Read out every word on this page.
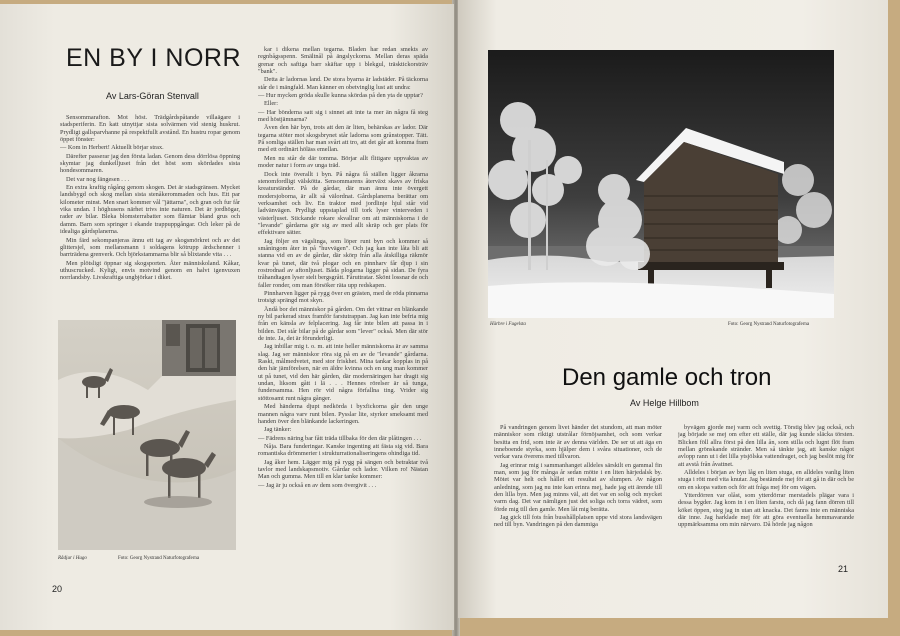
EN BY I NORR
Av Lars-Göran Stenvall

Sensommarafton. Mot höst. Trädgårdspåtande villaägare i stadsperiferin. En katt utnyttjar sista solvärmen vid stenig huskrut. Prydligt gallsparvhanne på respektfullt avstånd. En hustru ropar genom öppet fönster:

— Kom in Herbert! Aktuellt börjar strax.

Därefter passerar jag den första ladan. Genom dess dörrlösa öppning skymtar jag dunkelljuset från det höst som skördades sista hondesommaren.

Det var nog fängesen . . .

En extra kraftig rågång genom skogen. Det är stadsgränsen. Mycket landsbygd och skog mellan sista stenåkerommaden och hus. Ett par kilometer minst. Men snart kommer vål "jättarna", och gran och fur får vika undan. I höghusens närhet trivs inte naturen. Det är jordhögar, rader av bilar. Bleka blomsterrabatter som flämtar bland grus och damm. Barn som springer i ekande trappuppgångar. Och leker på de idealiga gårdsplanerna.

Min färd sekompanjeras ännu ett tag av skogsmörkret och av det glittersjel, som mellansmann i soldagens kötrupp ärdschenner i barrträdena grenverk. Och björkstammarna blir så blixtande vita . . .

Men plötsligt öppnar sig skogsporten. Åter människoland. Kåkar, uthuscrucked. Kyligt, envis motvind genom en halvt igenvuxen norrlandsby. Livskraftiga ungbjörkar i diket.

Rådjur i Hugo	Foto: Georg Nystrand Naturfotograferna

kar i dikena mellan tegarna. Bladen har redan smekts av regnbågsspenn. Smältnål på ängslyckorna. Mellan deras späda grenar och saftiga barr skäftar upp i blekgul, träsktickorsträv "bank".

Detta är ladornas land. De stora byarna är ladstäder. På täckorna står de i mängfald. Man känner en obetvinglig lust att undra:

— Hur mycken gröda skulle kunna skördas på den yta de upptar?

Eller:

— Har bönderna satt sig i sinnet att inte ta mer än några få steg med höstjämnarna?

Även den här byn, trots att den är liten, behärskas av lador. Där tegarna stöter mot skogsbrynet står ladorna som grånstopper. Tätt. På somliga ställen har man svårt att tro, att det går att komma fram med ett ordinärt höläss emellan.

Men nu står de där tomma. Börjar allt flitigare uppvaktas av moder natur i form av unga träd.

Dock inte överallt i byn. På några få ställen ligger åkrarna stenomfordligt välskötta. Sensommarens återväxt skavs av friska kreaturständer. På de gårdar, där man ännu inte övergett modersjoborna, är allt så välordnat. Gårdsplanerna berättar om verksamhet och liv. En traktor med jordlinje hjul står vid ladvänvägen. Prydligt uppstaplad till tork lyser vinterveden i västerljuset. Stickande rokare skvallrar om att människorna i de "levande" gårdarna gör sig av med allt skräp och ger plats för effektivare sätter.

Jag följer en vägslinga, som löper runt byn och kommer så småningom åter in på "huvvägen". Och jag kan inte låta bli att stanna vid en av de gårdar, där skörp från alla åtskilliga räkmör kvar på tunet, där två plogar och en pinnharv får djup i sin rostrodnad av aftonljuset. Båda plogarna ligger på sidan. De fyra tråhandtagen lyser stelt bergsgrått. Fåruttratar. Skönt lossnar de och faller ronder, om man försöker räta upp redskapen.

Pinnharven ligger på rygg över en grästen, med de röda pinnarna trotsigt sprängd mot skyn.

Ändå bor det människor på gården. Om det vittnar en blänkande ny bil parkerad strax framför farstutrappan. Jag kan inte befria mig från en känsla av felplacering. Jag får inte bilen att passa in i bilden. Det står bilar på de gårdar som "lever" också. Men där stör de inte. Ja, det är förunderligt.

Jag inbillar mig t. o. m. att inte heller människorna är av samma slag. Jag ser människor röra sig på en av de "levande" gårdarna. Raskt, målmedvetet, med stor friskhet. Mina tankar kopplas in på den här jämförelsen, när en äldre kvinna och en ung man kommer ut på tunet, vid den här gården, där modernäringen har dragit sig undan, liksom gått i lä . . . Hennes rörelser är så tunga, fundersamma. Hen rör vid några förfallna ting. Vrider sig stöttosamt runt några gånger.

Med händerna djupt nedkörda i byxfickorna går den unge mannen några varv runt bilen. Pysslar lite, styrker smeksamt med handen över den blänkande lackeringen.

Jag tänker:

— Fädrens näring bar fått träda tillbaka för den där plåtingen . . .

Nåja. Bara funderingar. Kanske ingenting att fästa sig vid. Bara romantiska drömmerier i strukturrationaliseringens ohindiga tid.

Jag åker hem. Lägger mig på rygg på sängen och betraktar två tavlor med landskapsmotiv. Gårdar och lador. Vilken ro! Nästan Man och gumma. Men till en klar tanke kommer:

— Jag är ju också en av dem som övergivit . . .

20
Härbre i Fugelsta	Foto: Georg Nystrand Naturfotograferna
Den gamle och tron
Av Helge Hillbom

På vandringen genom livet händer det stundom, att man möter människor som riktigt utstrålar förnöjsamhet, och som verkar besitta en frid, som inte är av denna världen. De ser ut att äga en inneboende styrka, som hjälper dem i svåra situationer, och de verkar vara överens med tillvaron.

Jag erinrar mig i sammanhanget alldeles särskilt en gammal fin man, som jag för många år sedan mötte i en liten härjedalsk by. Mötet var helt och hållet ett resultat av slumpen. Av någon anledning, som jag nu inte kan erinra mej, hade jag ett ärende till den lilla byn. Men jag minns väl, att det var en solig och mycket varm dag. Det var nämligen just det soliga och torra vädret, som förde mig till den gamle. Men låt mig berätta.

Jag gick till fots från busshållplatsen uppe vid stora landsvägen ned till byn. Vandringen på den dammiga

byvägen gjorde mej varm och svettig. Törstig blev jag också, och jag började se mej om efter ett ställe, där jag kunde släcka törsten. Blicken föll allra först på den lilla ån, som stilla och lugnt flöt fram mellan grönskande stränder. Men så tänkte jag, att kanske något avlopp rann ut i det lilla ytsjölska vattendraget, och jag beslöt mig för att avstå från åvattnet.

Alldeles i början av byn låg en liten stuga, en alldeles vanlig liten stuga i rött med vita knutar. Jag bestämde mej för att gå in där och be om en skopa vatten och för att fråga mej för om vägen.

Ytterdörren var olåst, som ytterdörrar merstadels plägar vara i dessa bygder. Jag kom in i en liten farstu, och då jag fann dörren till köket öppen, steg jag in utan att knacka. Det fanns inte en människa där inne. Jag harklade mej för att göra eventuella hemmavarande uppmärksamma om min närvaro. Då hörde jag någon

21
